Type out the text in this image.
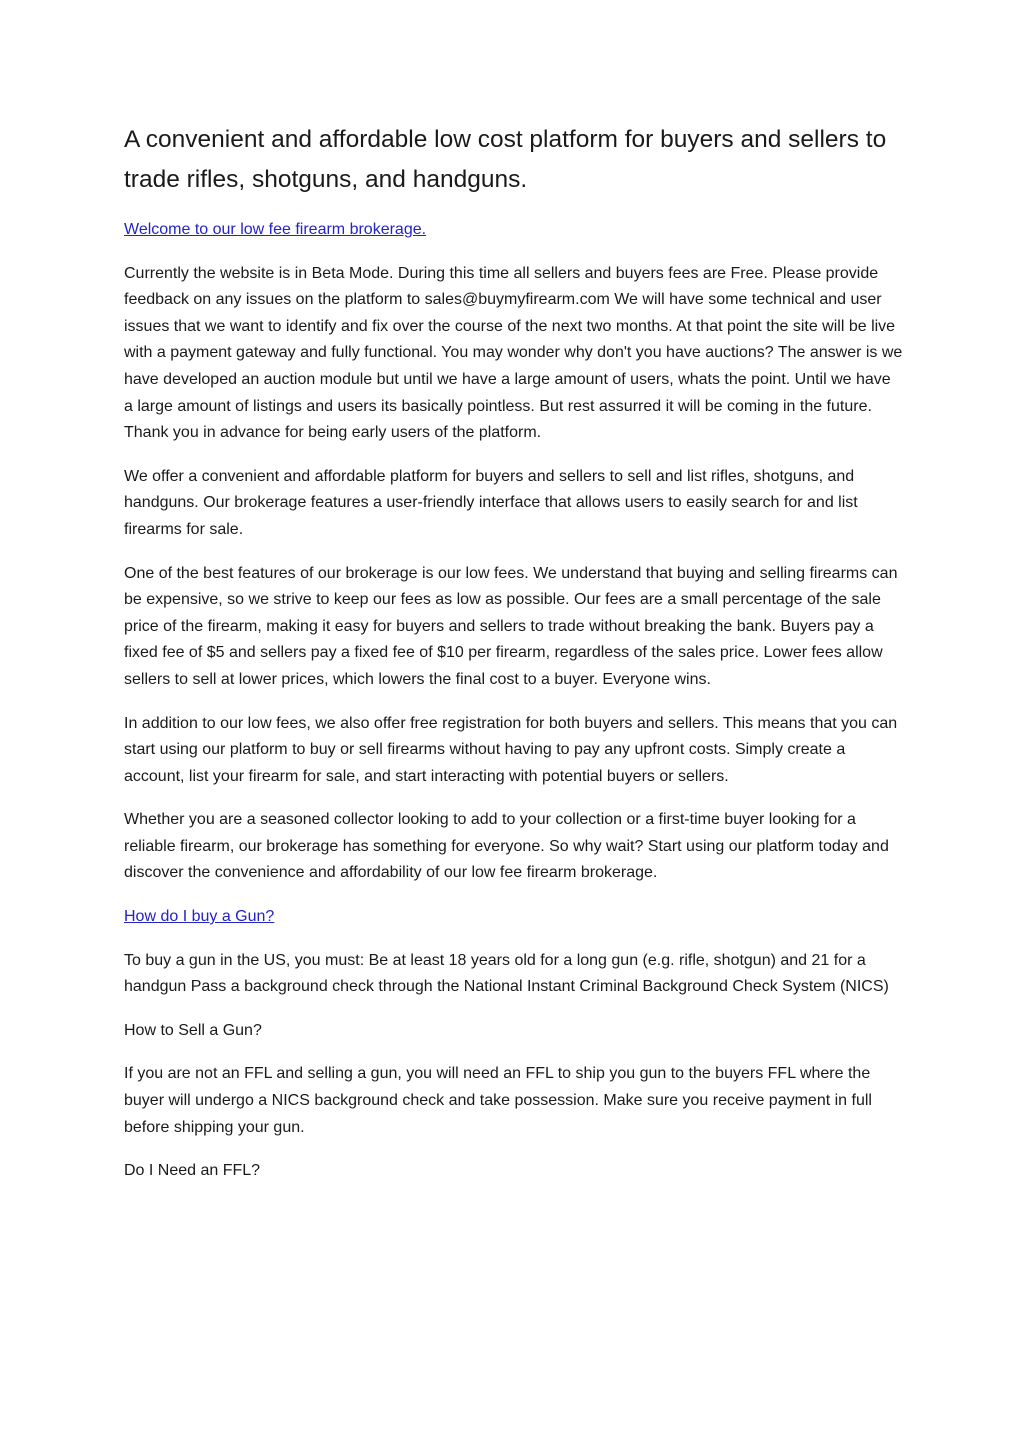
A convenient and affordable low cost platform for buyers and sellers to trade rifles, shotguns, and handguns.

Welcome to our low fee firearm brokerage.

Currently the website is in Beta Mode. During this time all sellers and buyers fees are Free. Please provide feedback on any issues on the platform to sales@buymyfirearm.com We will have some technical and user issues that we want to identify and fix over the course of the next two months. At that point the site will be live with a payment gateway and fully functional. You may wonder why don't you have auctions? The answer is we have developed an auction module but until we have a large amount of users, whats the point. Until we have a large amount of listings and users its basically pointless. But rest assurred it will be coming in the future. Thank you in advance for being early users of the platform.

We offer a convenient and affordable platform for buyers and sellers to sell and list rifles, shotguns, and handguns. Our brokerage features a user-friendly interface that allows users to easily search for and list firearms for sale.

One of the best features of our brokerage is our low fees. We understand that buying and selling firearms can be expensive, so we strive to keep our fees as low as possible. Our fees are a small percentage of the sale price of the firearm, making it easy for buyers and sellers to trade without breaking the bank. Buyers pay a fixed fee of $5 and sellers pay a fixed fee of $10 per firearm, regardless of the sales price. Lower fees allow sellers to sell at lower prices, which lowers the final cost to a buyer. Everyone wins.

In addition to our low fees, we also offer free registration for both buyers and sellers. This means that you can start using our platform to buy or sell firearms without having to pay any upfront costs. Simply create a account, list your firearm for sale, and start interacting with potential buyers or sellers.

Whether you are a seasoned collector looking to add to your collection or a first-time buyer looking for a reliable firearm, our brokerage has something for everyone. So why wait? Start using our platform today and discover the convenience and affordability of our low fee firearm brokerage.

How do I buy a Gun?

To buy a gun in the US, you must: Be at least 18 years old for a long gun (e.g. rifle, shotgun) and 21 for a handgun Pass a background check through the National Instant Criminal Background Check System (NICS)

How to Sell a Gun?

If you are not an FFL and selling a gun, you will need an FFL to ship you gun to the buyers FFL where the buyer will undergo a NICS background check and take possession. Make sure you receive payment in full before shipping your gun.

Do I Need an FFL?
